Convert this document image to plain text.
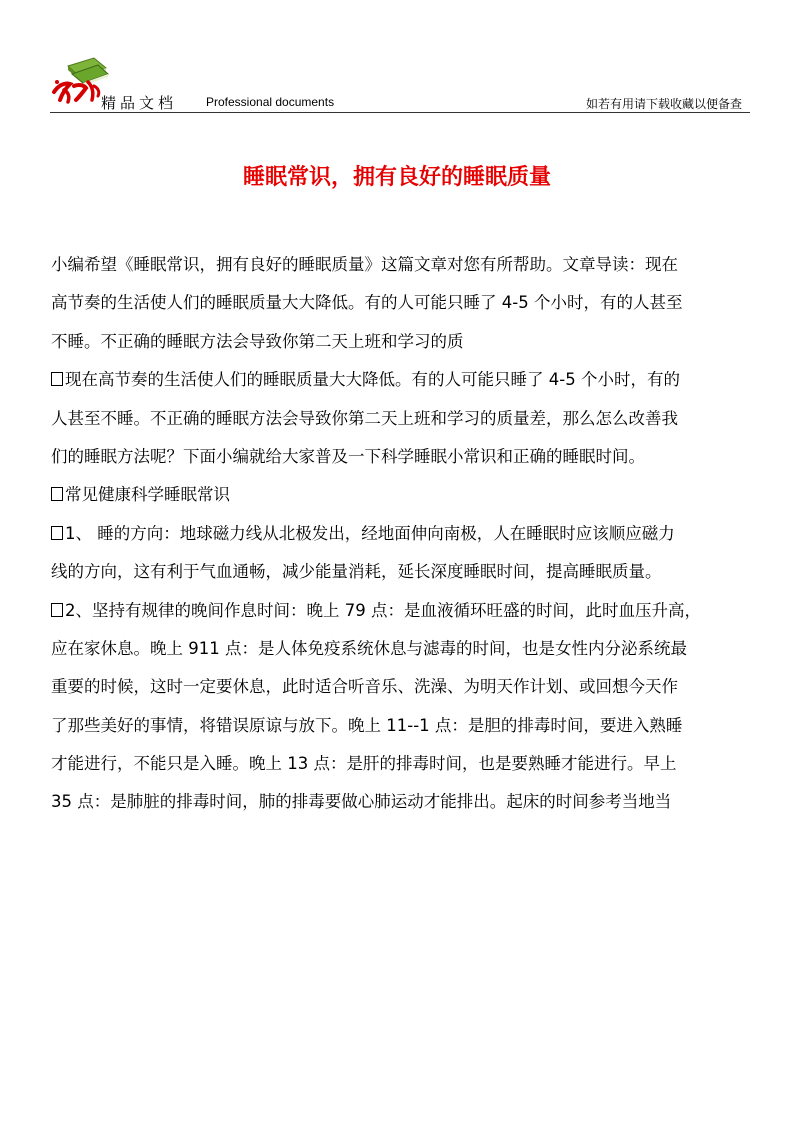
精品文档 Professional documents	如若有用请下载收藏以便备查
睡眠常识，拥有良好的睡眠质量
小编希望《睡眠常识，拥有良好的睡眠质量》这篇文章对您有所帮助。文章导读：现在
高节奏的生活使人们的睡眠质量大大降低。有的人可能只睡了 4-5 个小时，有的人甚至
不睡。不正确的睡眠方法会导致你第二天上班和学习的质
现在高节奏的生活使人们的睡眠质量大大降低。有的人可能只睡了 4-5 个小时，有的
人甚至不睡。不正确的睡眠方法会导致你第二天上班和学习的质量差，那么怎么改善我
们的睡眠方法呢？下面小编就给大家普及一下科学睡眠小常识和正确的睡眠时间。
常见健康科学睡眠常识
1、 睡的方向：地球磁力线从北极发出，经地面伸向南极，人在睡眠时应该顺应磁力
线的方向，这有利于气血通畅，减少能量消耗，延长深度睡眠时间，提高睡眠质量。
2、坚持有规律的晚间作息时间：晚上 79 点：是血液循环旺盛的时间，此时血压升高，
应在家休息。晚上 911 点：是人体免疫系统休息与滤毒的时间，也是女性内分泌系统最
重要的时候，这时一定要休息，此时适合听音乐、洗澡、为明天作计划、或回想今天作
了那些美好的事情，将错误原谅与放下。晚上 11--1 点：是胆的排毒时间，要进入熟睡
才能进行，不能只是入睡。晚上 13 点：是肝的排毒时间，也是要熟睡才能进行。早上
35 点：是肺脏的排毒时间，肺的排毒要做心肺运动才能排出。起床的时间参考当地当
